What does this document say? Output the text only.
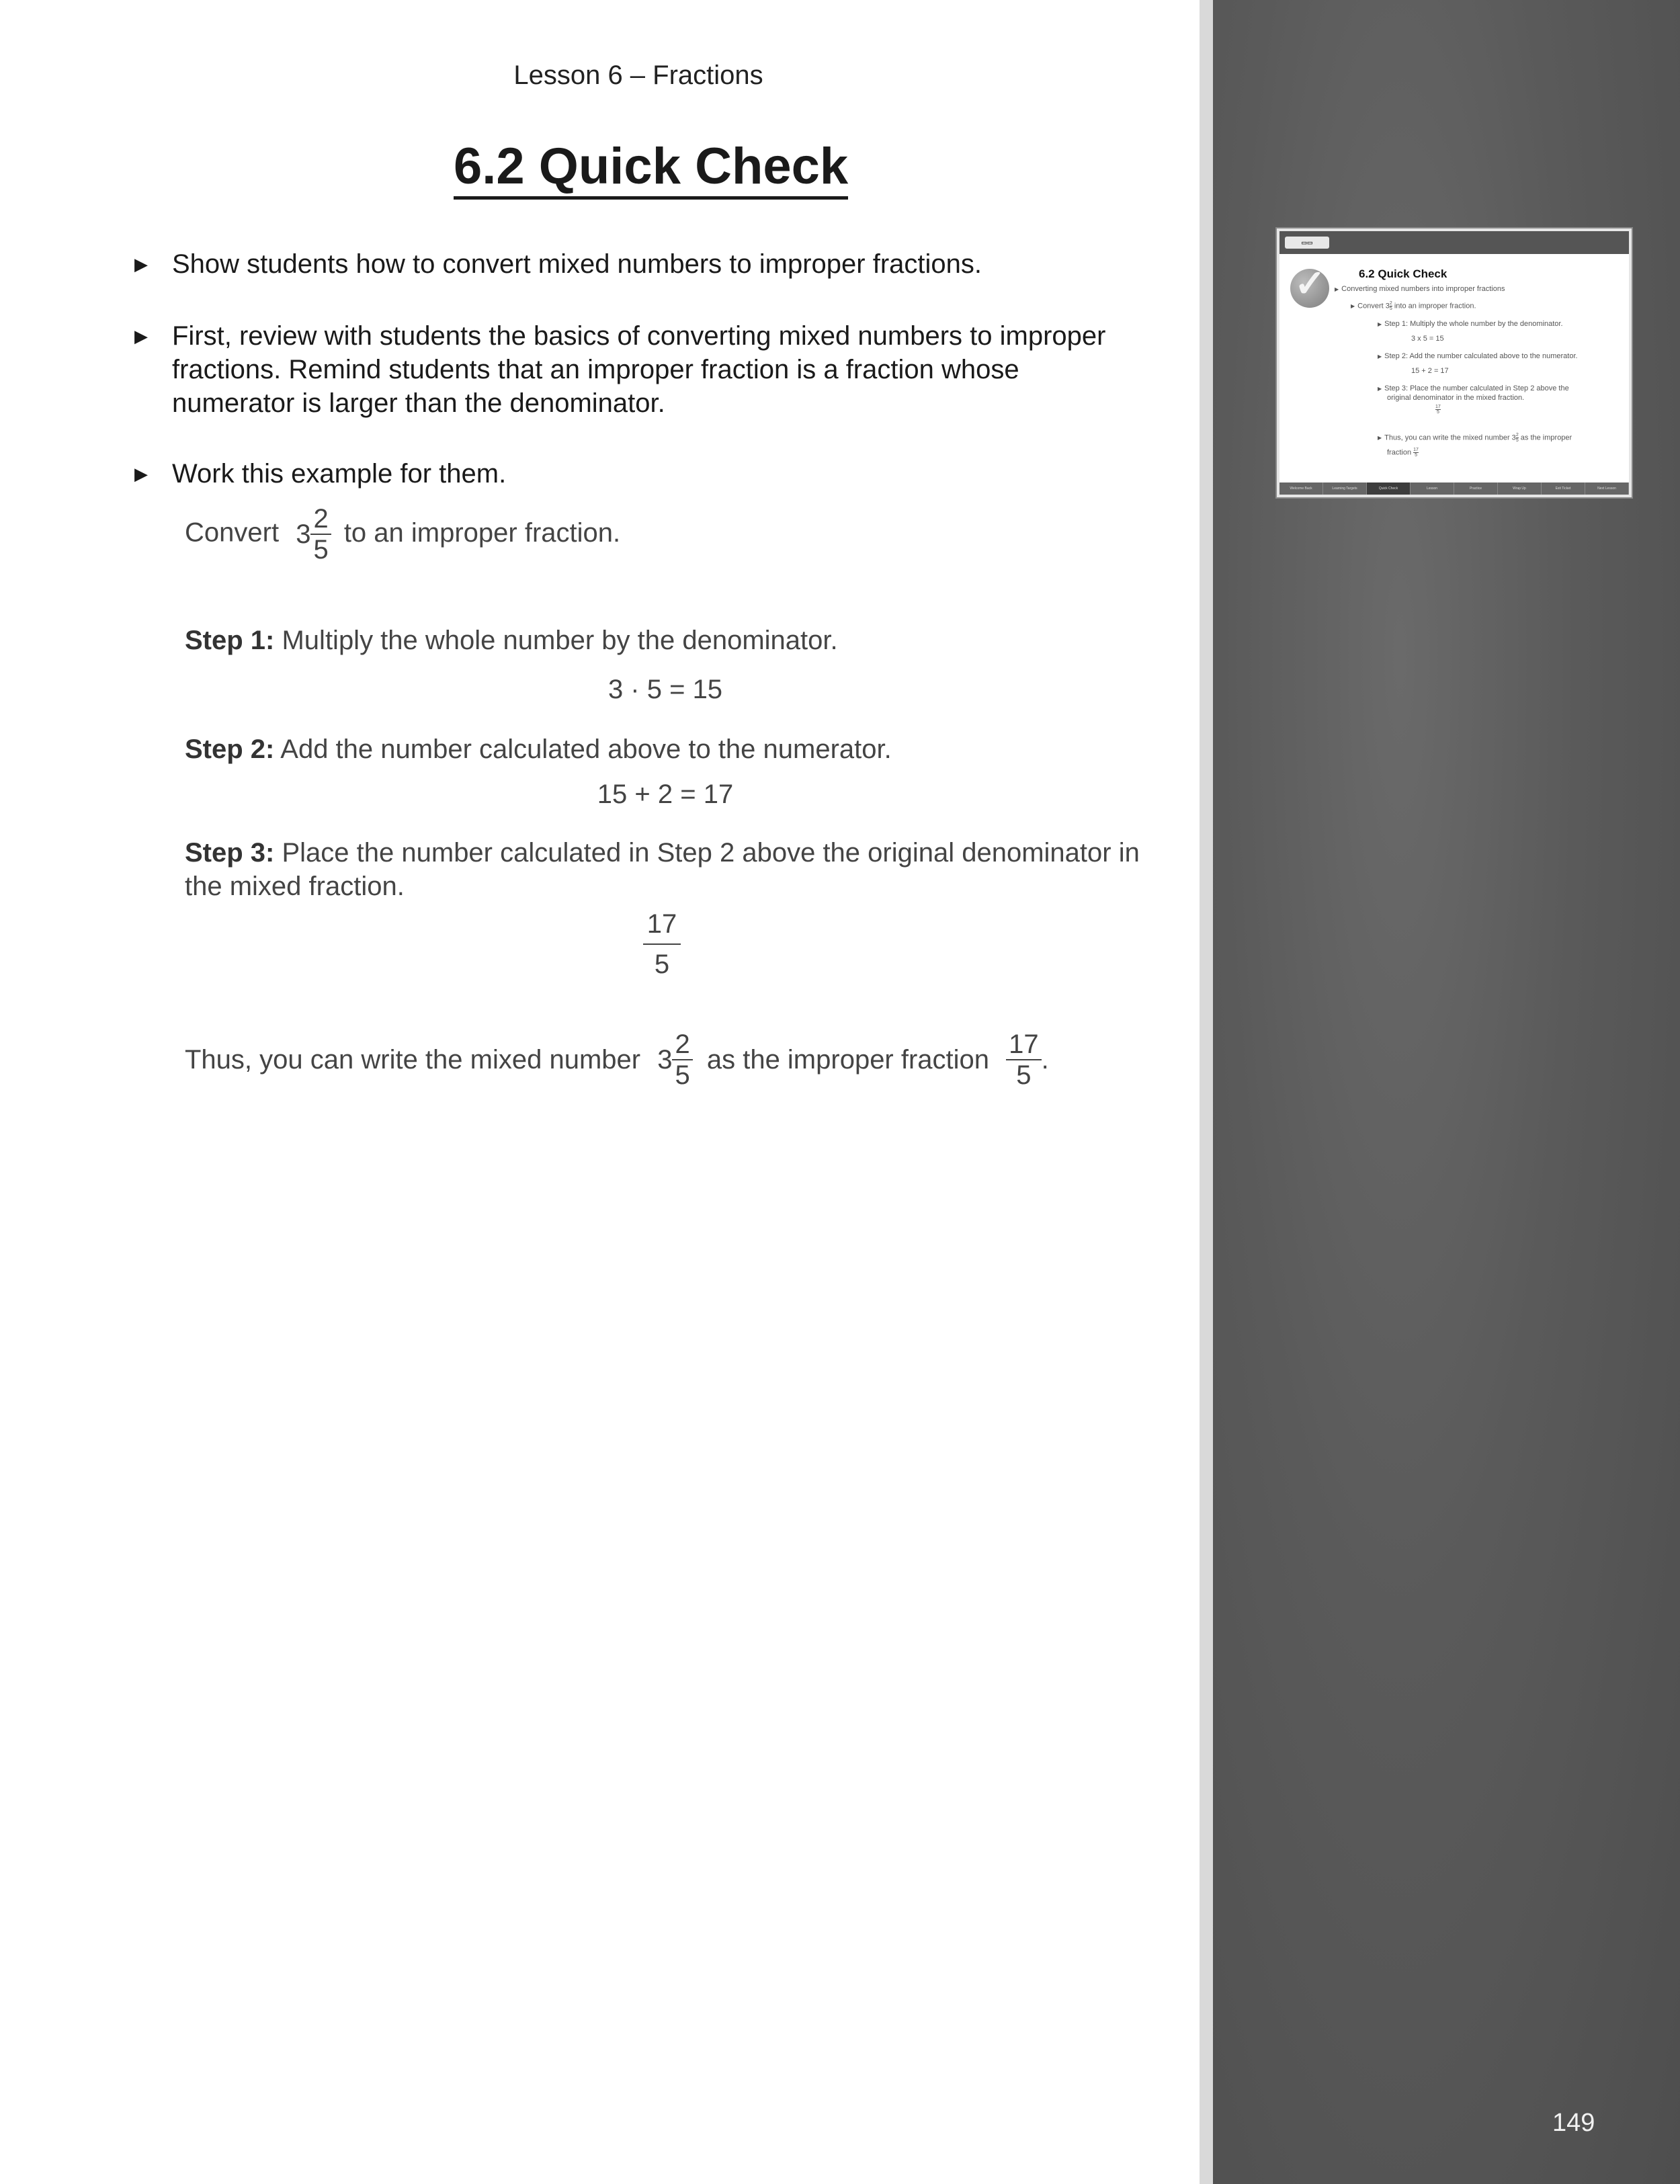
Lesson 6 – Fractions
6.2 Quick Check
▶ Show students how to convert mixed numbers to improper fractions.
▶ First, review with students the basics of converting mixed numbers to improper fractions. Remind students that an improper fraction is a fraction whose numerator is larger than the denominator.
▶ Work this example for them.
Convert $3 \frac{2}{5}$ to an improper fraction.
Step 1: Multiply the whole number by the denominator.
3 · 5 = 15
Step 2: Add the number calculated above to the numerator.
15 + 2 = 17
Step 3: Place the number calculated in Step 2 above the original denominator in the mixed fraction.
$\frac{17}{5}$
Thus, you can write the mixed number $3 \frac{2}{5}$ as the improper fraction $\frac{17}{5}$ .
▭▭
✓	6.2 Quick Check
▶ Converting mixed numbers into improper fractions
▶ Convert $3 \frac{2}{5}$ into an improper fraction.
▶ Step 1: Multiply the whole number by the denominator.
3 x 5 = 15
▶ Step 2: Add the number calculated above to the numerator.
15 + 2 = 17
▶ Step 3: Place the number calculated in Step 2 above the
original denominator in the mixed fraction.
$\frac{17}{5}$
▶ Thus, you can write the mixed number $3 \frac{2}{5}$ as the improper
fraction $\frac{17}{5}$
Welcome Back	Learning Targets	Quick Check	Lesson	Practice	Wrap Up	Exit Ticket	Next Lesson
149
